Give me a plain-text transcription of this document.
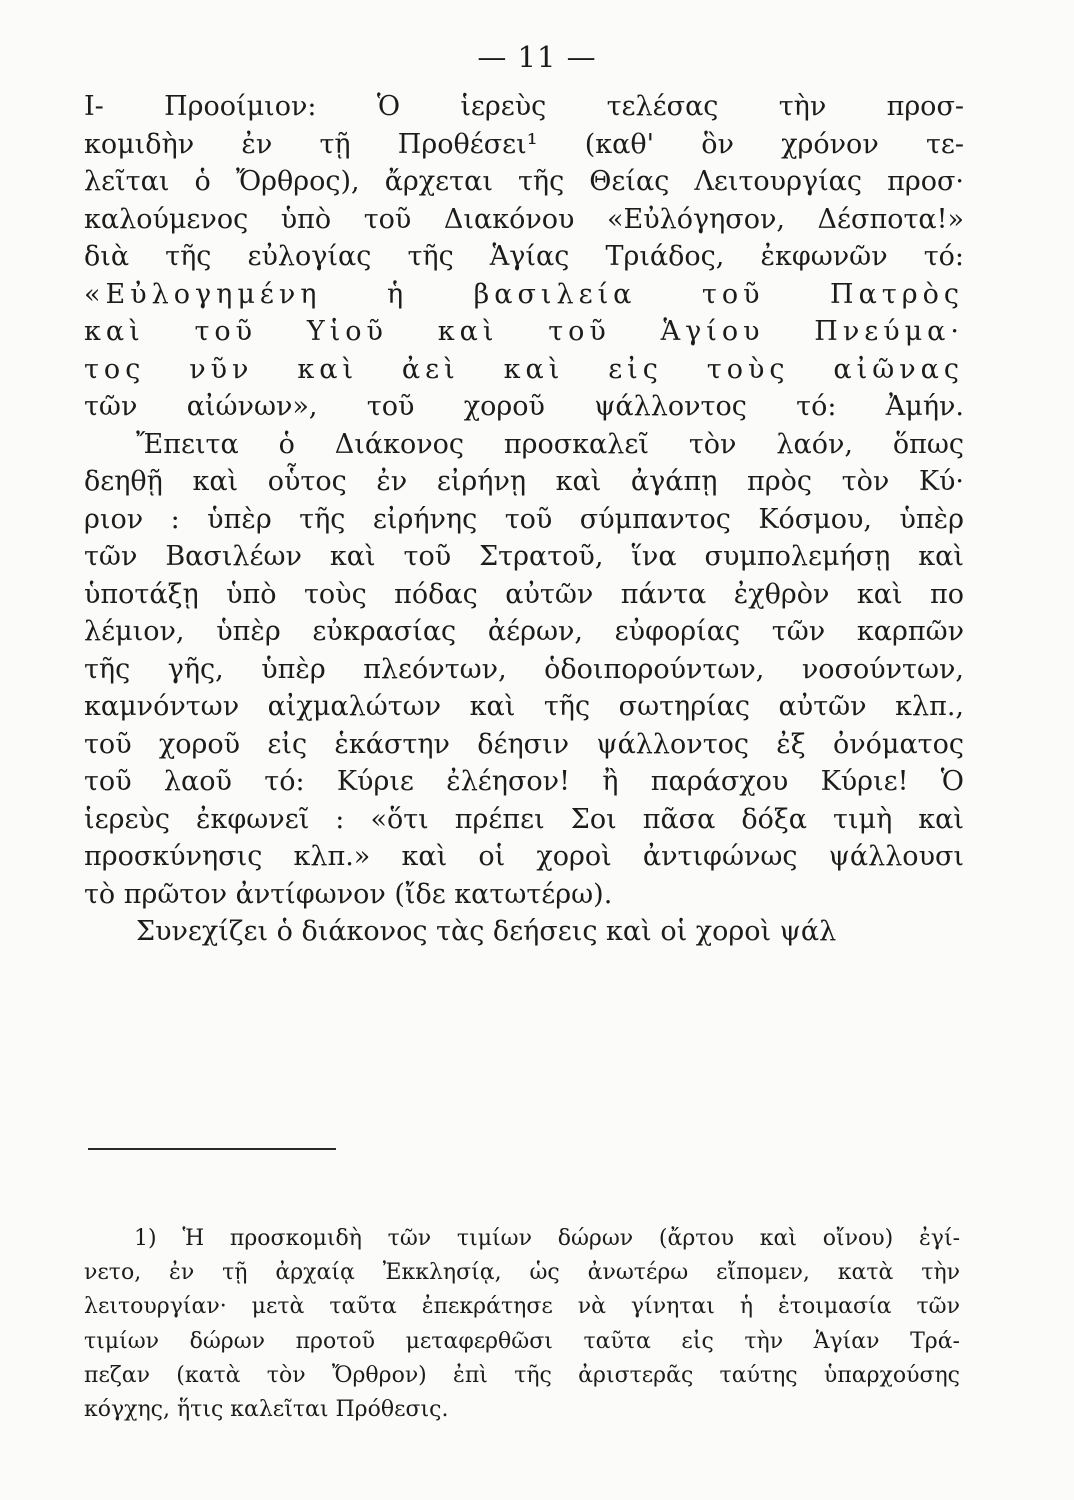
— 11 —
Ι- Προοίμιον: Ὁ ἱερεὺς τελέσας τὴν προσ-
κομιδὴν ἐν τῇ Προθέσει¹ (καθ' ὃν χρόνον τε-
λεῖται ὁ Ὄρθρος), ἄρχεται τῆς Θείας Λειτουργίας προσ·
καλούμενος ὑπὸ τοῦ Διακόνου «Εὐλόγησον, Δέσποτα!»
διὰ τῆς εὐλογίας τῆς Ἁγίας Τριάδος, ἐκφωνῶν τό:
«Εὐλογημένη ἡ βασιλεία τοῦ Πατρὸς
καὶ τοῦ Υἱοῦ καὶ τοῦ Ἁγίου Πνεύμα·
τος νῦν καὶ ἀεὶ καὶ εἰς τοὺς αἰῶνας
τῶν αἰώνων», τοῦ χοροῦ ψάλλοντος τό: Ἀμήν.
Ἔπειτα ὁ Διάκονος προσκαλεῖ τὸν λαόν, ὅπως
δεηθῇ καὶ οὗτος ἐν εἰρήνῃ καὶ ἀγάπῃ πρὸς τὸν Κύ·
ριον : ὑπὲρ τῆς εἰρήνης τοῦ σύμπαντος Κόσμου, ὑπὲρ
τῶν Βασιλέων καὶ τοῦ Στρατοῦ, ἵνα συμπολεμήσῃ καὶ
ὑποτάξῃ ὑπὸ τοὺς πόδας αὐτῶν πάντα ἐχθρὸν καὶ πο
λέμιον, ὑπὲρ εὐκρασίας ἀέρων, εὐφορίας τῶν καρπῶν
τῆς γῆς, ὑπὲρ πλεόντων, ὁδοιπορούντων, νοσούντων,
καμνόντων αἰχμαλώτων καὶ τῆς σωτηρίας αὐτῶν κλπ.,
τοῦ χοροῦ εἰς ἑκάστην δέησιν ψάλλοντος ἐξ ὀνόματος
τοῦ λαοῦ τό: Κύριε ἐλέησον! ἢ παράσχου Κύριε! Ὁ
ἱερεὺς ἐκφωνεῖ : «ὅτι πρέπει Σοι πᾶσα δόξα τιμὴ καὶ
προσκύνησις κλπ.» καὶ οἱ χοροὶ ἀντιφώνως ψάλλουσι
τὸ πρῶτον ἀντίφωνον (ἴδε κατωτέρω).
Συνεχίζει ὁ διάκονος τὰς δεήσεις καὶ οἱ χοροὶ ψάλ
1) Ἡ προσκομιδὴ τῶν τιμίων δώρων (ἄρτου καὶ οἴνου) ἐγί-
νετο, ἐν τῇ ἀρχαίᾳ Ἐκκλησίᾳ, ὡς ἀνωτέρω εἴπομεν, κατὰ τὴν
λειτουργίαν· μετὰ ταῦτα ἐπεκράτησε νὰ γίνηται ἡ ἑτοιμασία τῶν
τιμίων δώρων προτοῦ μεταφερθῶσι ταῦτα εἰς τὴν Ἁγίαν Τρά-
πεζαν (κατὰ τὸν Ὄρθρον) ἐπὶ τῆς ἀριστερᾶς ταύτης ὑπαρχούσης
κόγχης, ἥτις καλεῖται Πρόθεσις.
